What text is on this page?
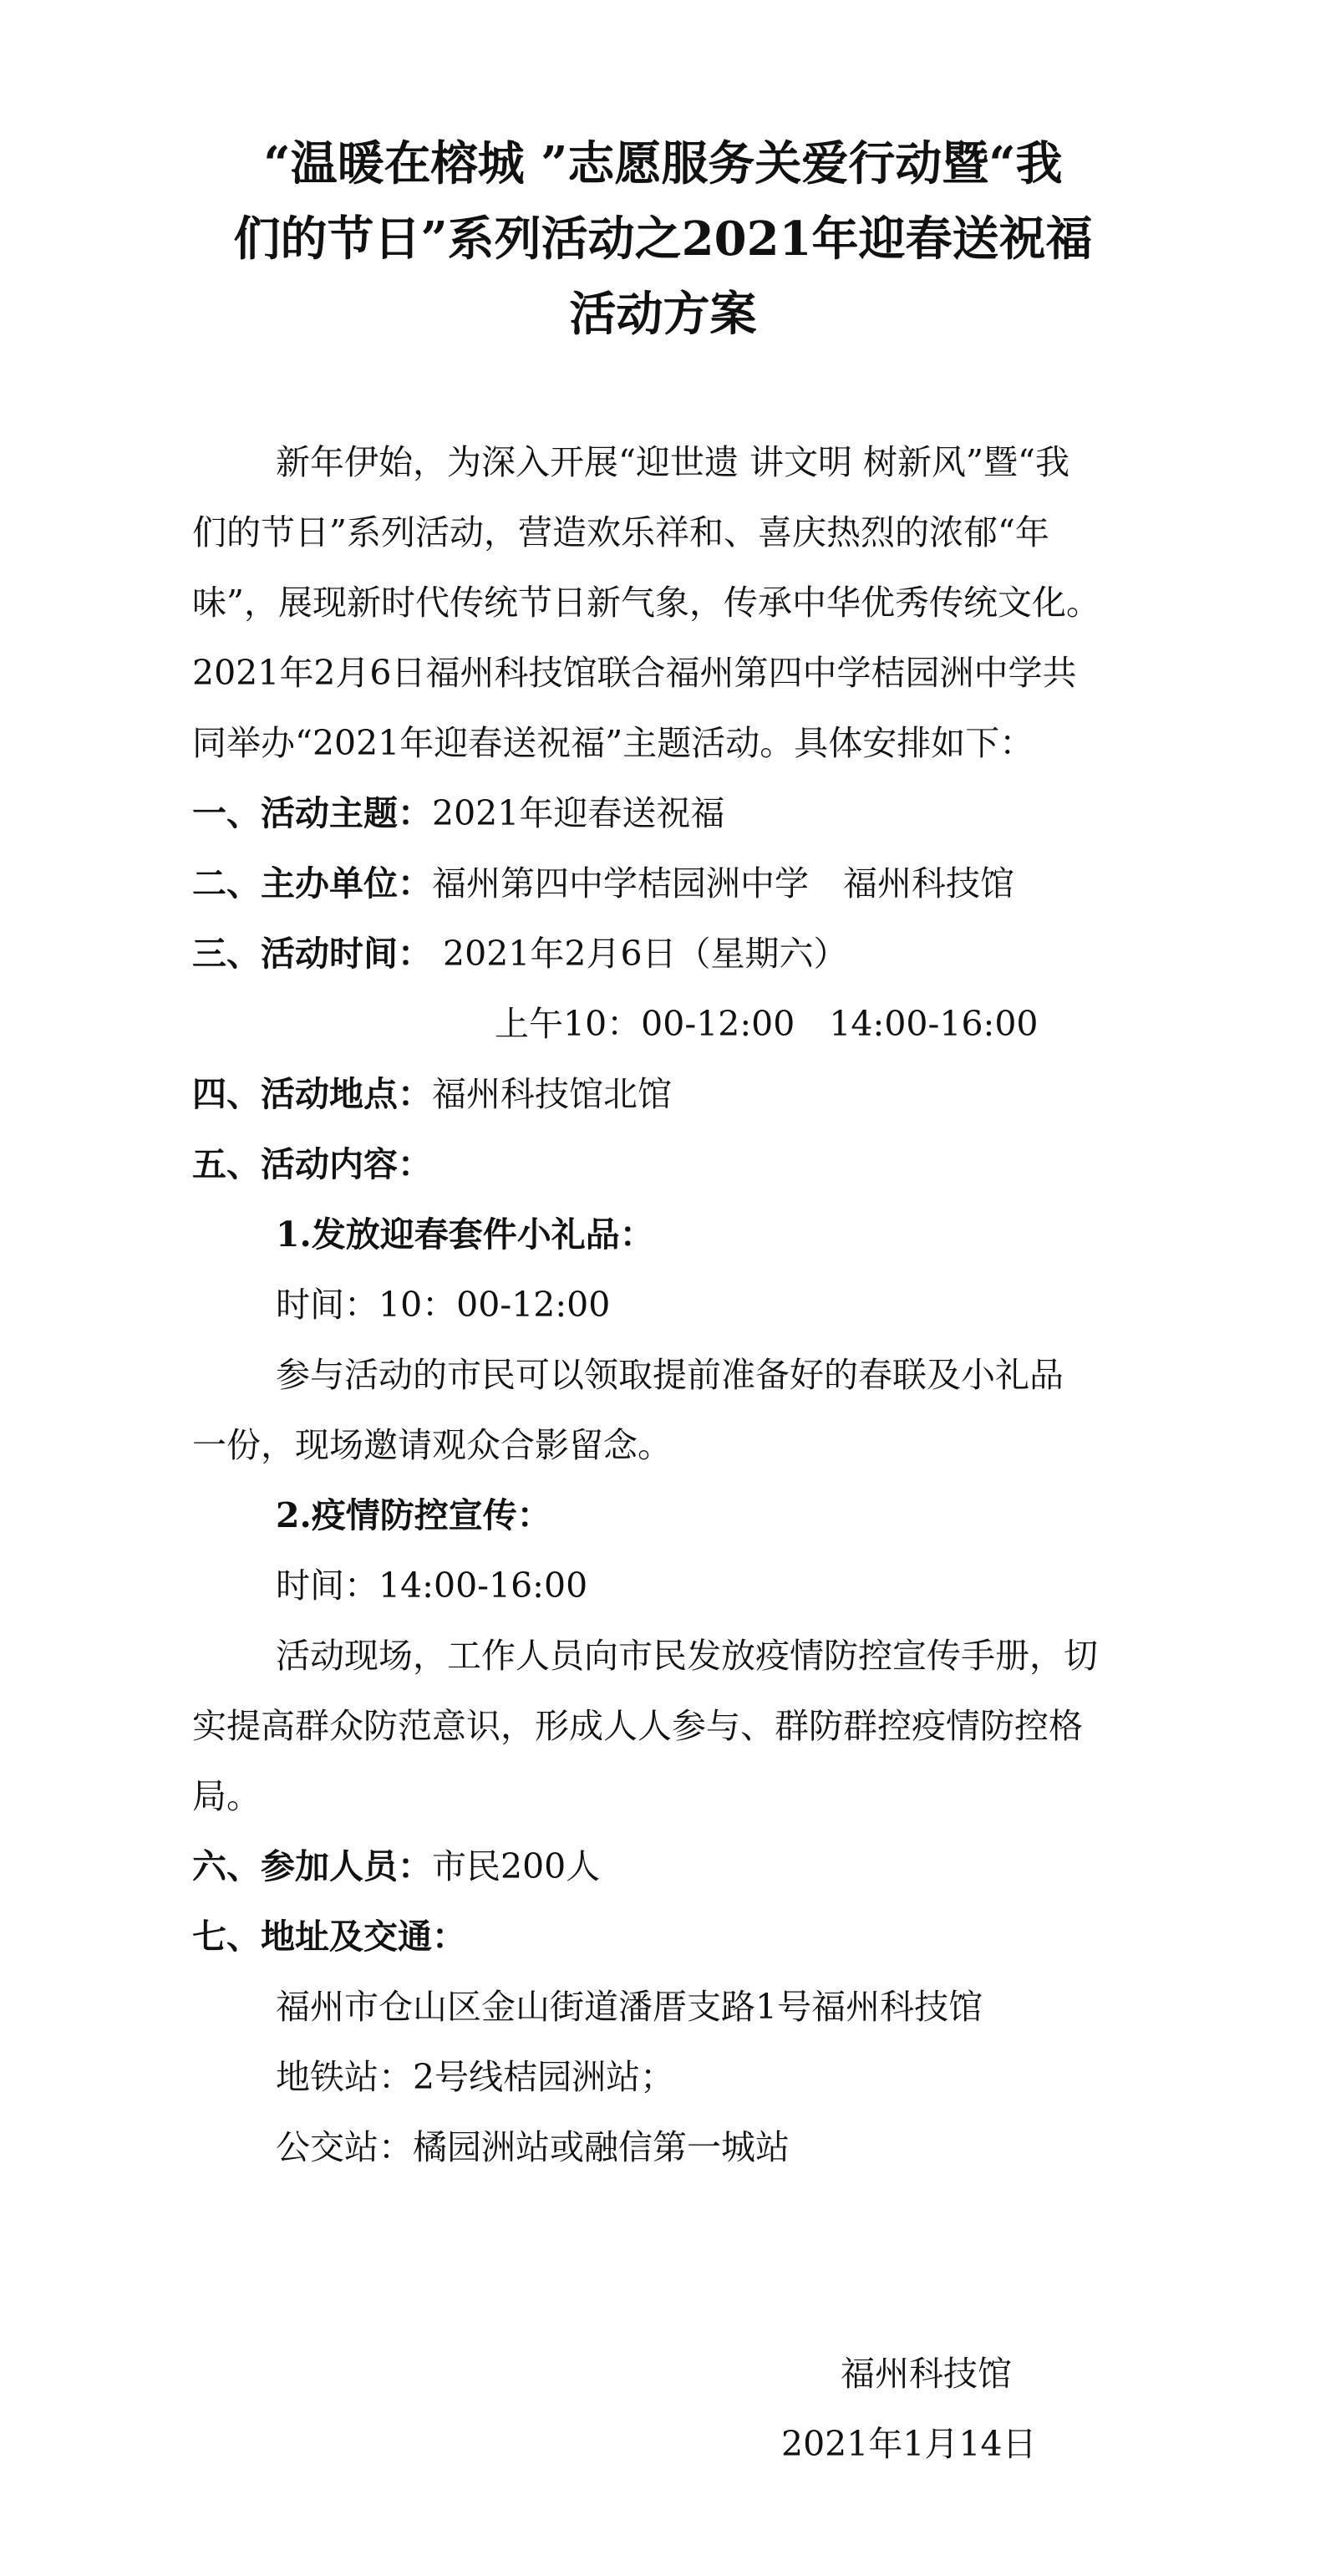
“温暖在榕城 ”志愿服务关爱行动暨“我
们的节日”系列活动之2021年迎春送祝福
活动方案
新年伊始，为深入开展“迎世遗 讲文明 树新风”暨“我
们的节日”系列活动，营造欢乐祥和、喜庆热烈的浓郁“年
味”，展现新时代传统节日新气象，传承中华优秀传统文化。
2021年2月6日福州科技馆联合福州第四中学桔园洲中学共
同举办“2021年迎春送祝福”主题活动。具体安排如下：
一、活动主题：2021年迎春送祝福
二、主办单位：福州第四中学桔园洲中学　福州科技馆
三、活动时间： 2021年2月6日（星期六）
上午10：00-12:00　14:00-16:00
四、活动地点：福州科技馆北馆
五、活动内容：
1.发放迎春套件小礼品：
时间：10：00-12:00
参与活动的市民可以领取提前准备好的春联及小礼品
一份，现场邀请观众合影留念。
2.疫情防控宣传：
时间：14:00-16:00
活动现场，工作人员向市民发放疫情防控宣传手册，切
实提高群众防范意识，形成人人参与、群防群控疫情防控格
局。
六、参加人员：市民200人
七、地址及交通：
福州市仓山区金山街道潘厝支路1号福州科技馆
地铁站：2号线桔园洲站；
公交站：橘园洲站或融信第一城站
福州科技馆
2021年1月14日
